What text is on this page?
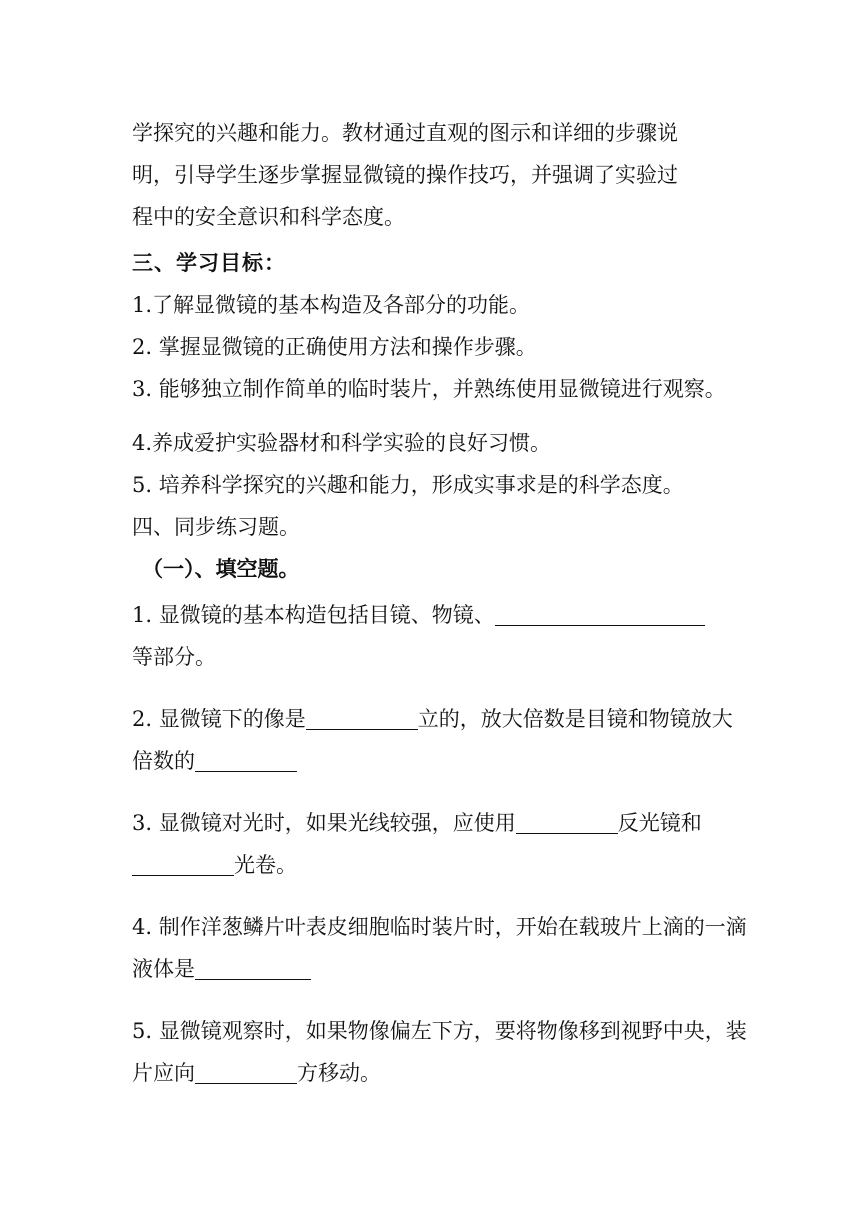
学探究的兴趣和能力。教材通过直观的图示和详细的步骤说

明，引导学生逐步掌握显微镜的操作技巧，并强调了实验过

程中的安全意识和科学态度。

三、学习目标：

1.了解显微镜的基本构造及各部分的功能。

2. 掌握显微镜的正确使用方法和操作步骤。

3. 能够独立制作简单的临时装片，并熟练使用显微镜进行观察。

4.养成爱护实验器材和科学实验的良好习惯。

5. 培养科学探究的兴趣和能力，形成实事求是的科学态度。

四、同步练习题。

（一）、填空题。

1. 显微镜的基本构造包括目镜、物镜、
等部分。

2. 显微镜下的像是	立的，放大倍数是目镜和物镜放大倍数的

3. 显微镜对光时，如果光线较强，应使用	反光镜和光卷。

4. 制作洋葱鳞片叶表皮细胞临时装片时，开始在载玻片上滴的一滴液体是

5. 显微镜观察时，如果物像偏左下方，要将物像移到视野中央，装片应向	方移动。
